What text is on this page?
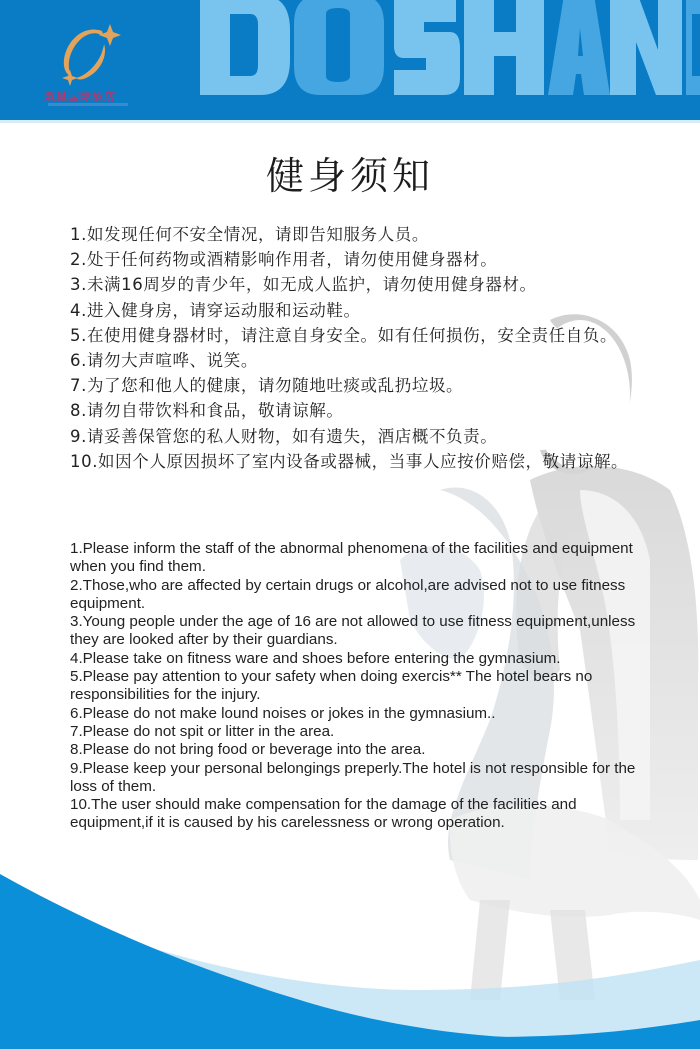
双星国际酒店
健身须知

1.如发现任何不安全情况，请即告知服务人员。

2.处于任何药物或酒精影响作用者，请勿使用健身器材。

3.未满16周岁的青少年，如无成人监护，请勿使用健身器材。

4.进入健身房，请穿运动服和运动鞋。

5.在使用健身器材时，请注意自身安全。如有任何损伤，安全责任自负。

6.请勿大声喧哗、说笑。

7.为了您和他人的健康，请勿随地吐痰或乱扔垃圾。

8.请勿自带饮料和食品，敬请谅解。

9.请妥善保管您的私人财物，如有遗失，酒店概不负责。

10.如因个人原因损坏了室内设备或器械，当事人应按价赔偿，敬请谅解。

1.Please inform the staff of the abnormal phenomena of the facilities and equipment when you find them.

2.Those,who are affected by certain drugs or alcohol,are advised not to use fitness equipment.

3.Young people under the age of 16 are not allowed to use fitness equipment,unless they are looked after by their guardians.

4.Please take on fitness ware and shoes before entering the gymnasium.

5.Please pay attention to your safety when doing exercis** The hotel bears no responsibilities for the injury.

6.Please do not make lound noises or jokes in the gymnasium..

7.Please do not spit or litter in the area.

8.Please do not bring food or beverage into the area.

9.Please keep your personal belongings preperly.The hotel is not responsible for the loss of them.

10.The user should make compensation for the damage of the facilities and equipment,if it is caused by his carelessness or wrong operation.
